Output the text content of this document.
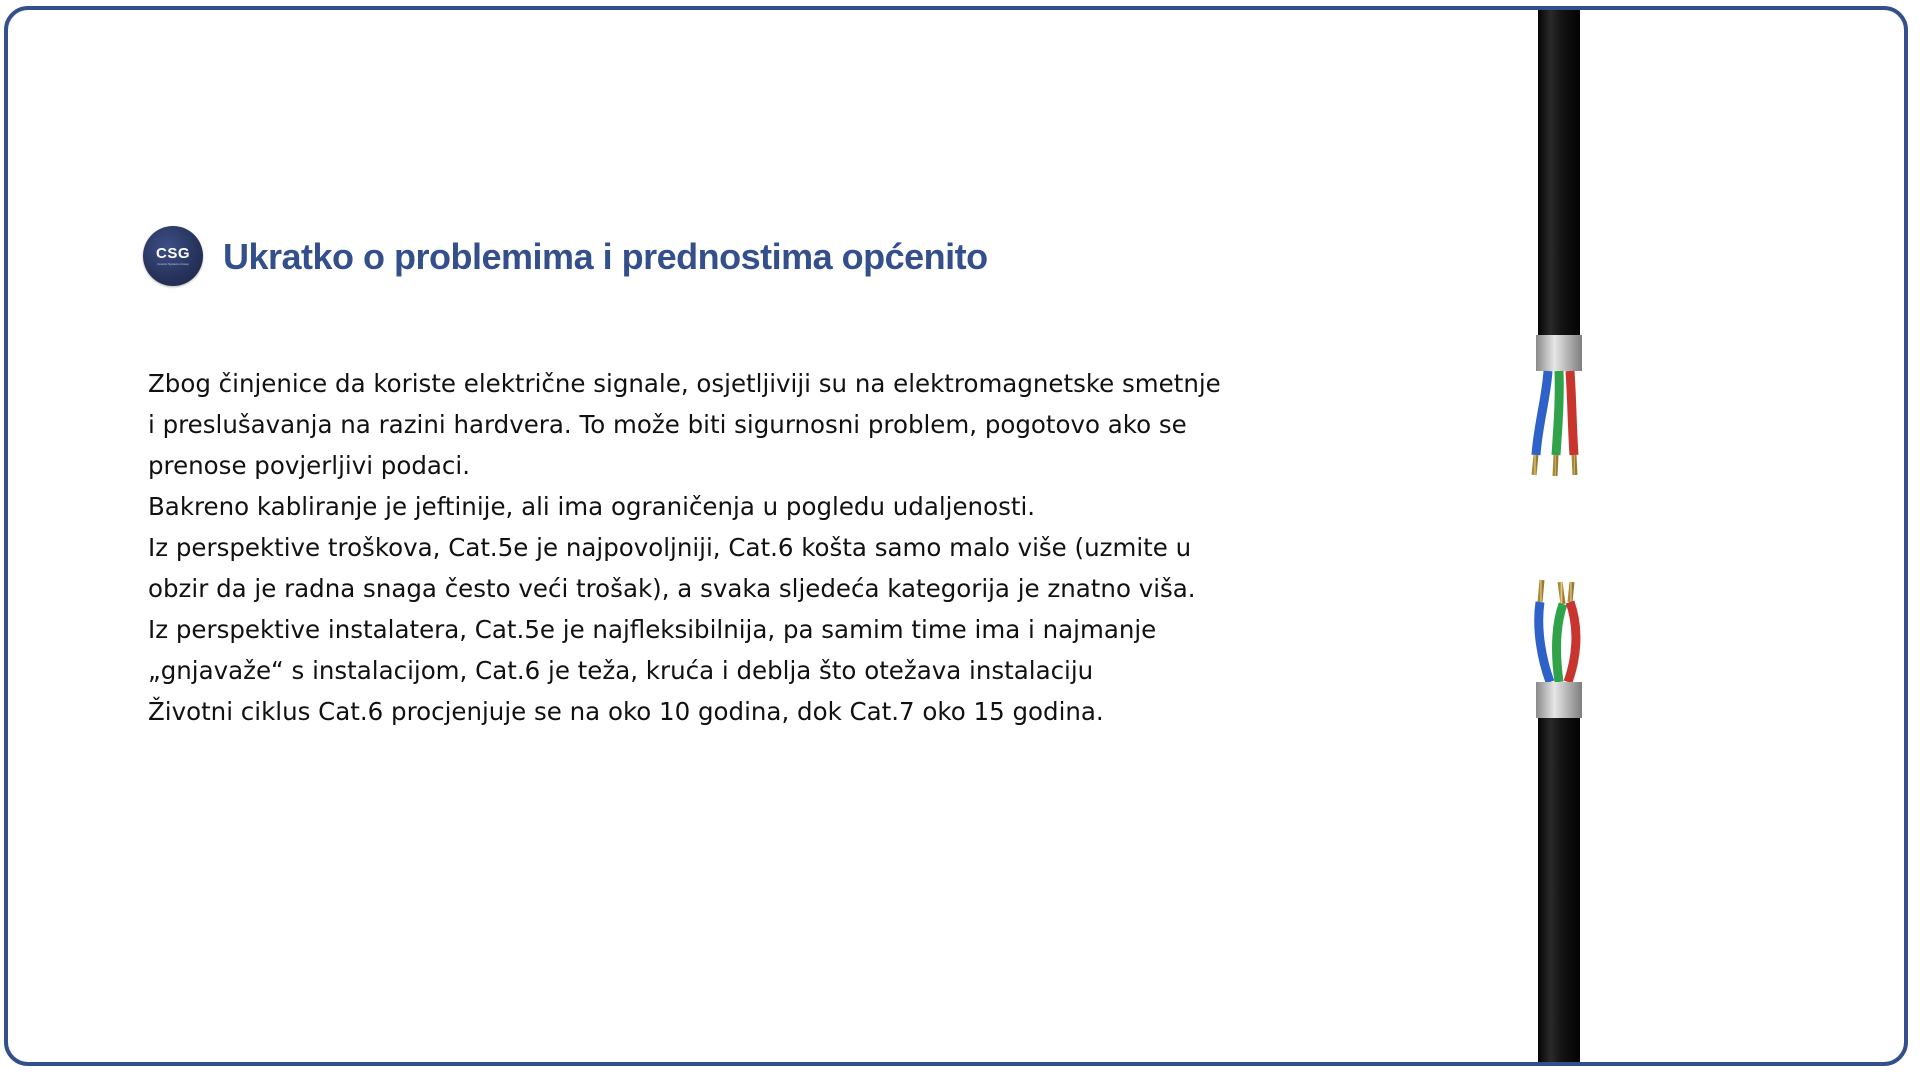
CSG
Cosmic Systems Group Ukratko o problemima i prednostima općenito

Zbog činjenice da koriste električne signale, osjetljiviji su na elektromagnetske smetnje i preslušavanja na razini hardvera. To može biti sigurnosni problem, pogotovo ako se prenose povjerljivi podaci.

Bakreno kabliranje je jeftinije, ali ima ograničenja u pogledu udaljenosti.

Iz perspektive troškova, Cat.5e je najpovoljniji, Cat.6 košta samo malo više (uzmite u obzir da je radna snaga često veći trošak), a svaka sljedeća kategorija je znatno viša.

Iz perspektive instalatera, Cat.5e je najfleksibilnija, pa samim time ima i najmanje „gnjavaže“ s instalacijom, Cat.6 je teža, kruća i deblja što otežava instalaciju

Životni ciklus Cat.6 procjenjuje se na oko 10 godina, dok Cat.7 oko 15 godina.
